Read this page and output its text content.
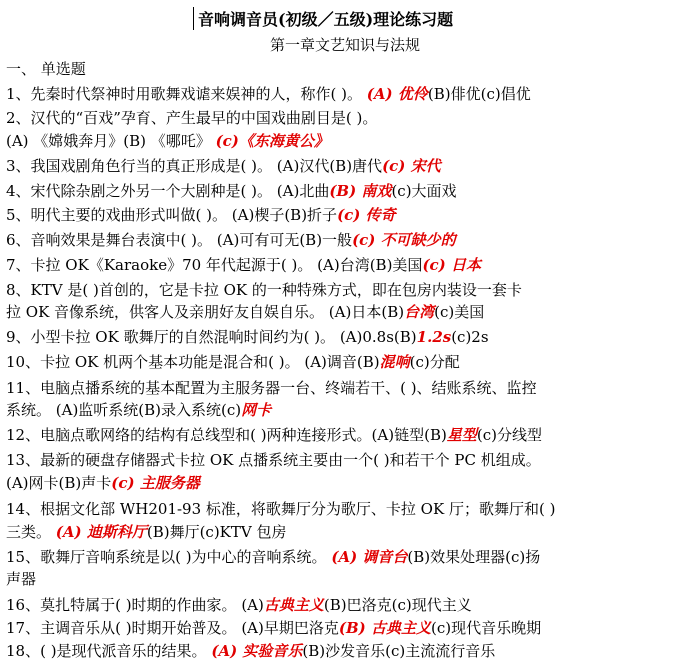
音响调音员(初级／五级)理论练习题
第一章文艺知识与法规
一、 单选题
1、先秦时代祭神时用歌舞戏谑来娱神的人，称作( )。 (A) 优伶(B)俳优(c)倡优
2、汉代的“百戏”孕育、产生最早的中国戏曲剧目是( )。
(A) 《嫦娥奔月》(B) 《哪吒》 (c)《东海黄公》
3、我国戏剧角色行当的真正形成是( )。 (A)汉代(B)唐代(c) 宋代
4、宋代除杂剧之外另一个大剧种是( )。 (A)北曲(B) 南戏(c)大面戏
5、明代主要的戏曲形式叫做( )。 (A)楔子(B)折子(c) 传奇
6、音响效果是舞台表演中( )。 (A)可有可无(B)一般(c) 不可缺少的
7、卡拉 OK《Karaoke》70 年代起源于( )。 (A)台湾(B)美国(c) 日本
8、KTV 是( )首创的，它是卡拉 OK 的一种特殊方式，即在包房内装设一套卡
拉 OK 音像系统，供客人及亲朋好友自娱自乐。 (A)日本(B)台湾(c)美国
9、小型卡拉 OK 歌舞厅的自然混响时间约为( )。 (A)0.8s(B)1.2s(c)2s
10、卡拉 OK 机两个基本功能是混合和( )。 (A)调音(B)混响(c)分配
11、电脑点播系统的基本配置为主服务器一台、终端若干、( )、结账系统、监控
系统。 (A)监听系统(B)录入系统(c)网卡
12、电脑点歌网络的结构有总线型和( )两种连接形式。(A)链型(B)星型(c)分线型
13、最新的硬盘存储器式卡拉 OK 点播系统主要由一个( )和若干个 PC 机组成。
(A)网卡(B)声卡(c) 主服务器
14、根据文化部 WH201-93 标准，将歌舞厅分为歌厅、卡拉 OK 厅；歌舞厅和( )
三类。 (A) 迪斯科厅(B)舞厅(c)KTV 包房
15、歌舞厅音响系统是以( )为中心的音响系统。 (A) 调音台(B)效果处理器(c)扬
声器
16、莫扎特属于( )时期的作曲家。 (A)古典主义(B)巴洛克(c)现代主义
17、主调音乐从( )时期开始普及。 (A)早期巴洛克(B) 古典主义(c)现代音乐晚期
18、( )是现代派音乐的结果。 (A) 实验音乐(B)沙发音乐(c)主流流行音乐
